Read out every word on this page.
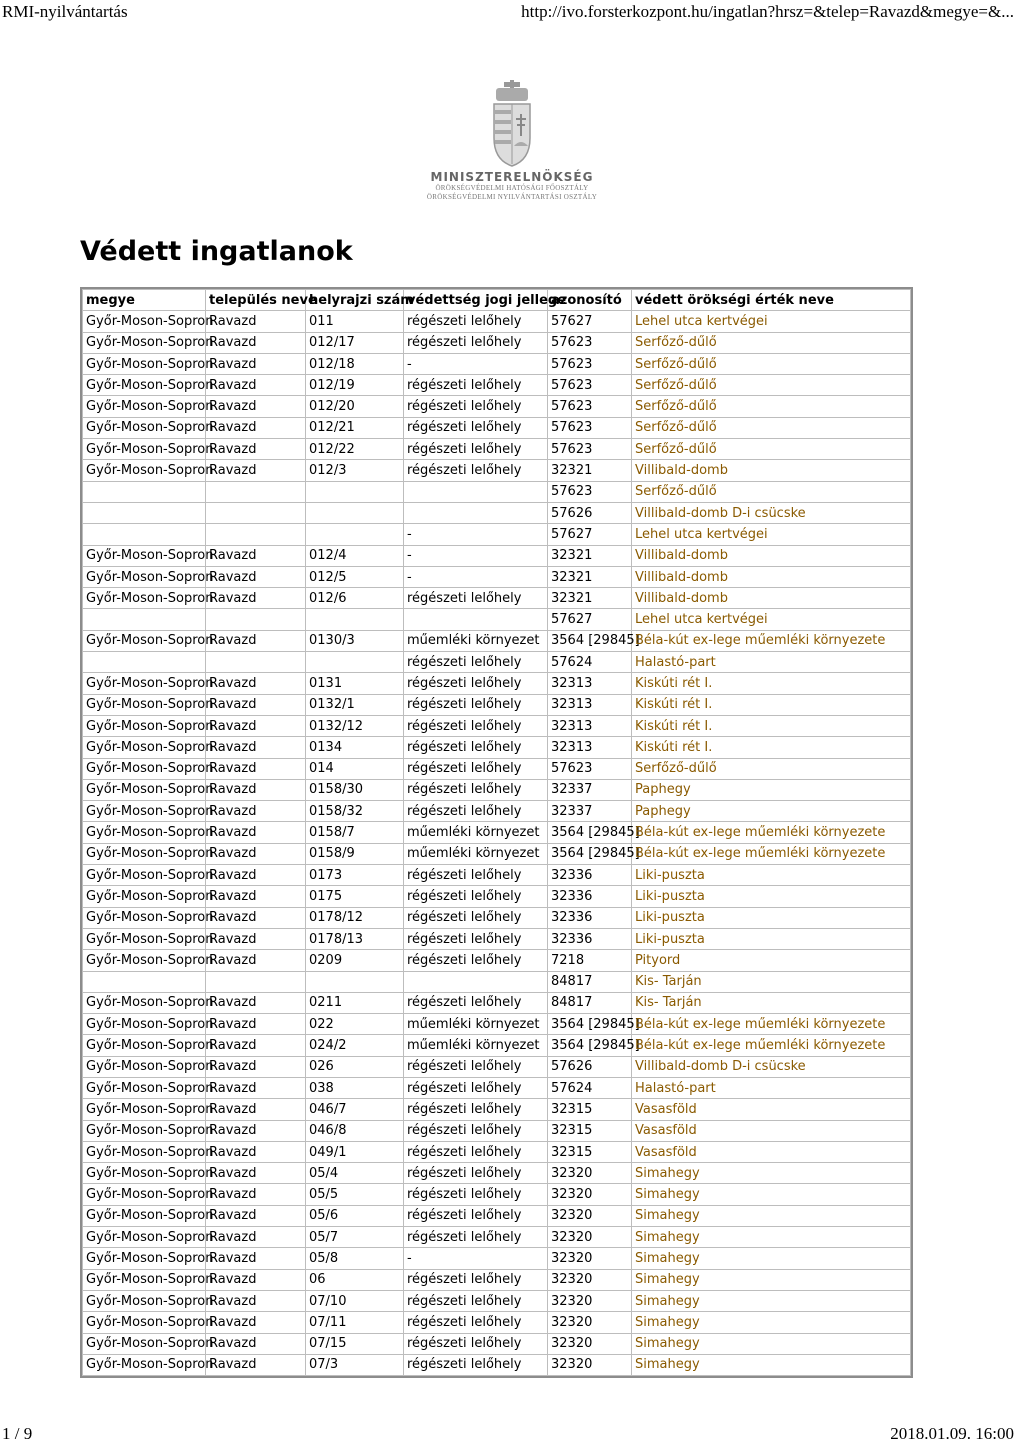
RMI-nyilvántartás	http://ivo.forsterkozpont.hu/ingatlan?hrsz=&telep=Ravazd&megye=&...
MINISZTERELNÖKSÉG
ÖRÖKSÉGVÉDELMI HATÓSÁGI FŐOSZTÁLY
ÖRÖKSÉGVÉDELMI NYILVÁNTARTÁSI OSZTÁLY
Védett ingatlanok
megye	település neve	helyrajzi szám	védettség jogi jellege	azonosító	védett örökségi érték neve
Győr-Moson-Sopron	Ravazd	011	régészeti lelőhely	57627	Lehel utca kertvégei
Győr-Moson-Sopron	Ravazd	012/17	régészeti lelőhely	57623	Serfőző-dűlő
Győr-Moson-Sopron	Ravazd	012/18	-	57623	Serfőző-dűlő
Győr-Moson-Sopron	Ravazd	012/19	régészeti lelőhely	57623	Serfőző-dűlő
Győr-Moson-Sopron	Ravazd	012/20	régészeti lelőhely	57623	Serfőző-dűlő
Győr-Moson-Sopron	Ravazd	012/21	régészeti lelőhely	57623	Serfőző-dűlő
Győr-Moson-Sopron	Ravazd	012/22	régészeti lelőhely	57623	Serfőző-dűlő
Győr-Moson-Sopron	Ravazd	012/3	régészeti lelőhely	32321	Villibald-domb
				57623	Serfőző-dűlő
				57626	Villibald-domb D-i csücske
			-	57627	Lehel utca kertvégei
Győr-Moson-Sopron	Ravazd	012/4	-	32321	Villibald-domb
Győr-Moson-Sopron	Ravazd	012/5	-	32321	Villibald-domb
Győr-Moson-Sopron	Ravazd	012/6	régészeti lelőhely	32321	Villibald-domb
				57627	Lehel utca kertvégei
Győr-Moson-Sopron	Ravazd	0130/3	műemléki környezet	3564 [29845]	Béla-kút ex-lege műemléki környezete
			régészeti lelőhely	57624	Halastó-part
Győr-Moson-Sopron	Ravazd	0131	régészeti lelőhely	32313	Kiskúti rét I.
Győr-Moson-Sopron	Ravazd	0132/1	régészeti lelőhely	32313	Kiskúti rét I.
Győr-Moson-Sopron	Ravazd	0132/12	régészeti lelőhely	32313	Kiskúti rét I.
Győr-Moson-Sopron	Ravazd	0134	régészeti lelőhely	32313	Kiskúti rét I.
Győr-Moson-Sopron	Ravazd	014	régészeti lelőhely	57623	Serfőző-dűlő
Győr-Moson-Sopron	Ravazd	0158/30	régészeti lelőhely	32337	Paphegy
Győr-Moson-Sopron	Ravazd	0158/32	régészeti lelőhely	32337	Paphegy
Győr-Moson-Sopron	Ravazd	0158/7	műemléki környezet	3564 [29845]	Béla-kút ex-lege műemléki környezete
Győr-Moson-Sopron	Ravazd	0158/9	műemléki környezet	3564 [29845]	Béla-kút ex-lege műemléki környezete
Győr-Moson-Sopron	Ravazd	0173	régészeti lelőhely	32336	Liki-puszta
Győr-Moson-Sopron	Ravazd	0175	régészeti lelőhely	32336	Liki-puszta
Győr-Moson-Sopron	Ravazd	0178/12	régészeti lelőhely	32336	Liki-puszta
Győr-Moson-Sopron	Ravazd	0178/13	régészeti lelőhely	32336	Liki-puszta
Győr-Moson-Sopron	Ravazd	0209	régészeti lelőhely	7218	Pityord
				84817	Kis- Tarján
Győr-Moson-Sopron	Ravazd	0211	régészeti lelőhely	84817	Kis- Tarján
Győr-Moson-Sopron	Ravazd	022	műemléki környezet	3564 [29845]	Béla-kút ex-lege műemléki környezete
Győr-Moson-Sopron	Ravazd	024/2	műemléki környezet	3564 [29845]	Béla-kút ex-lege műemléki környezete
Győr-Moson-Sopron	Ravazd	026	régészeti lelőhely	57626	Villibald-domb D-i csücske
Győr-Moson-Sopron	Ravazd	038	régészeti lelőhely	57624	Halastó-part
Győr-Moson-Sopron	Ravazd	046/7	régészeti lelőhely	32315	Vasasföld
Győr-Moson-Sopron	Ravazd	046/8	régészeti lelőhely	32315	Vasasföld
Győr-Moson-Sopron	Ravazd	049/1	régészeti lelőhely	32315	Vasasföld
Győr-Moson-Sopron	Ravazd	05/4	régészeti lelőhely	32320	Simahegy
Győr-Moson-Sopron	Ravazd	05/5	régészeti lelőhely	32320	Simahegy
Győr-Moson-Sopron	Ravazd	05/6	régészeti lelőhely	32320	Simahegy
Győr-Moson-Sopron	Ravazd	05/7	régészeti lelőhely	32320	Simahegy
Győr-Moson-Sopron	Ravazd	05/8	-	32320	Simahegy
Győr-Moson-Sopron	Ravazd	06	régészeti lelőhely	32320	Simahegy
Győr-Moson-Sopron	Ravazd	07/10	régészeti lelőhely	32320	Simahegy
Győr-Moson-Sopron	Ravazd	07/11	régészeti lelőhely	32320	Simahegy
Győr-Moson-Sopron	Ravazd	07/15	régészeti lelőhely	32320	Simahegy
Győr-Moson-Sopron	Ravazd	07/3	régészeti lelőhely	32320	Simahegy
1 / 9	2018.01.09. 16:00
